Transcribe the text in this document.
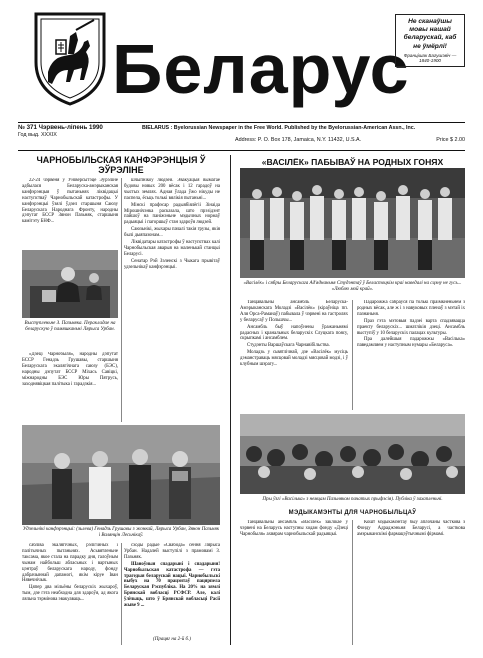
Беларус
Не сканаўшы мовы нашай беларускай, каб не ўмёрлі!
Францішак Багушэвіч — 1840-1900
№ 371 Чэрвень-ліпень 1990
Год выд. XXXIX
BIELARUS : Byelorussian Newspaper in the Free World. Published by the Byelorussian-American Assn., Inc.
Address: P. O. Box 178, Jamaica, N.Y. 11432, U.S.A.	Price $ 2.00
ЧАРНОБЫЛЬСКАЯ КАНФЭРЭНЦЫЯ Ў ЭЎРЭЛІНЕ

22-24 чэрвеня ў Ўніверсытэце Эўрэліне адбылася Беларуска-амэрыканская канфэрэнцыя ў пытаньнях ліквідацыі наступстваў Чарнобыльскай катастрофы. У канфэрэнцыі ўзялі ўдзел старшыня Саюзу Беларускага Народнага Фронту, народны дэпутат БССР Зянон Пазьняк, старшыня камітэту БНФ...

Выступленьне З. Пазьняка. Перакладае на беларускую ў памяшканьні Лярыса Урбан.

«Дзеці Чарнобыля», народны дэпутат БССР Генадзь Грушавы, старшыня Беларускага экалягічнага саюзу (БЭС), народны дэпутат БССР Міхась Савіцкі, міжнародны БЭС Юры Пятрусь, заходнявіцкая палітыка і гарадзкія...

шчыпнікоў людзей. Эвакуацыя вымагае будовы новых 200 вёсак і 12 гарадоў на чыстых землях. Адная ўлада ўжо нікуды не паспела, ёсьць толькі вялікія пытаньні...

Мінскі прафэсар радыябіялёгіі Зінаіда Мірошнічэнка расказала, што прэзідэнт пайшоў на паніжэньне мэдычных нормаў радыяцыі і пагоршыў стан здароўя людзей.

Саюзьнікі, жыхары пачалі такія грузы, якія былі дыяпазонам...

Ліквідатары катастрофы ў наступствах калі Чарнобыльская аварыя на маленькай станцыі Беларусі.

Сенатар Рэй Зэленскі з Чыкага прывітаў удзельнікаў канфэрэнцыі.

Удзельнікі канфэрэнцыі: (зьлева) Генадзь Грушавы з жонкай, Лярыса Урбан, Зянон Пазьняк і Валянцін Лесьнікаў.

сабліва экалягічных, рэлігійных і палітычных пытаньнях. Асьвятленьне таксама, якое стала на парадку дня, галоўным чынам найбольш абласьных і вартыных цэнтраў беларускага народу, фонду дабрачыннай дапамогі, якім кіруе Іван Нявечнічык.

Цяпер два мільёны беларускіх жыхароў, тым, дзе гэта неабходна для здароўя, ад якога ляльна тэрмінова эвакуаваць...

сходы радыё «Свабода» сёння Лярыса Урбан. Надалей выступілі з прамовамі З. Пазьняк.

Шаноўныя спадарыні і спадарыня! Чарнобыльская катастрофа — гэта трагедыя беларускай нацыі. Чарнобыльскі выбух на 70 працэнтаў пацярпела Беларуская Рэспубліка. На 20% на зямлі Брянскай вобласці РСФСР. Але, калі ўлічыць, што ў Брянскай вобласьці Расіі жыве 9 ...

(Працяг на 2-й б.)
«ВАСІЛЁК» ПАБЫВАЎ НА РОДНЫХ ГОНЯХ
«Васілёк» і сябры Беларускага Ад'яднаньня Студэнтаў ў Беластоцкім краі наведалі на сцэну не гусь... «Люблю мой край».

Танцавальны ансамбль Беларуска-Амэрыканскага Моладзі «Васілёк» (кіраўніца пп. Аля Орса-Раманаў) пабывала ў чэрвені на гастролях у беларусаў у Польшчы...

Ансамбль быў напоўнены ўражаньнямі радасных і кранальных беларускіх Слуцкага поясу, скрыпкамі і ансамблем.

Студэнты Варшаўскага Чарнавібільства.

Моладзь у сьвятлічнай, дзе «Васілёк» мусіць дэманстраваць мясцовай моладзі мясцовай модзі, і ў клубным шэрагу...

Падарожжа сабраўся па толькі праімкненьнем з родных вёсак, але ж і з навуковых пленаў з мэтай іх пазнаньня.

Праз гэта мэтовыя падзеі варта спадзявацца праекту беларускіх... шматлікія дзеці. Ансамбль выступіў у 10 беларускіх палацах культуры.

Пра далейшыя падарожжы «Васілька» паведамляем у наступным нумары «Беларуса».

Пры ўзгі «Васілька» з немцам Пазьняком пачатых прыфэсія). Публіка ў захапленьні.
МЭДЫКАМЭНТЫ ДЛЯ ЧАРНОБЫЛЬЦАЎ

Танцавальны ансамбль «Васілёк» заклікае у чэрвені на Беларусь наступны ходам фонду «Дзеці Чарнобыля» ахвярам чарнобыльскай радыяцыі.

Кошт мэдыкамэнтаў быў аплочаны часткова з Фонду Адраджэньня Беларусі, а часткова амэрыканскімі фармацэўтычнымі фірмамі.
